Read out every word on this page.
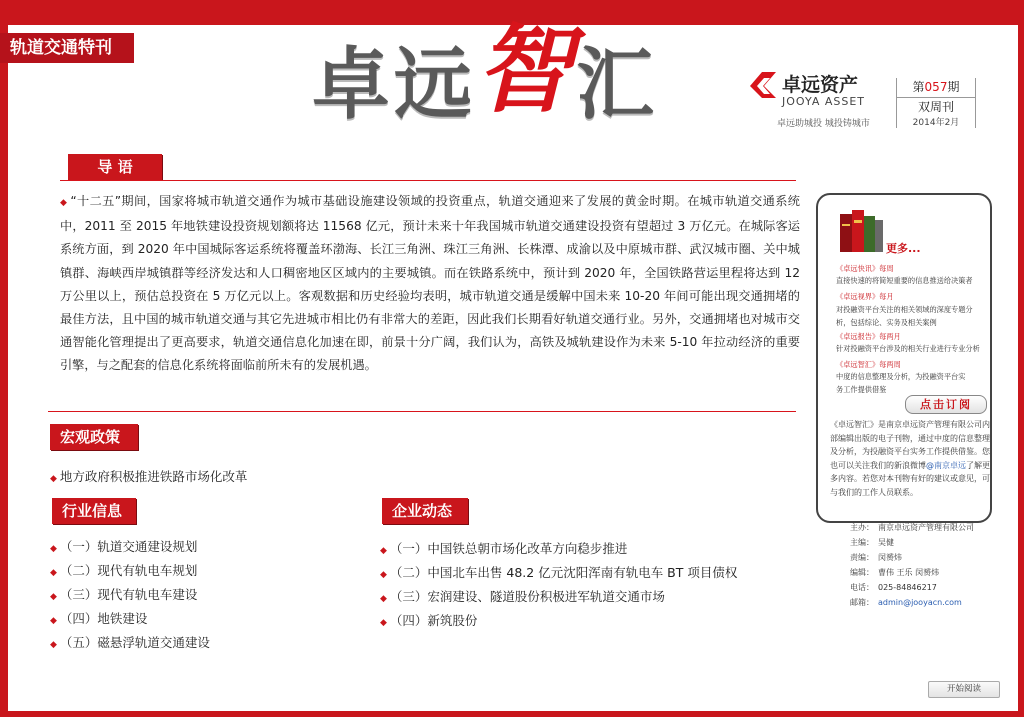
轨道交通特刊	卓远智汇	卓远资产
JOOYA ASSET
卓远助城投 城投铸城市
第057期
双周刊
2014年2月
导 语
◆ “十二五”期间，国家将城市轨道交通作为城市基础设施建设领域的投资重点，轨道交通迎来了发展的黄金时期。在城市轨道交通系统中，2011 至 2015 年地铁建设投资规划额将达 11568 亿元，预计未来十年我国城市轨道交通建设投资有望超过 3 万亿元。在城际客运系统方面，到 2020 年中国城际客运系统将覆盖环渤海、长江三角洲、珠江三角洲、长株潭、成渝以及中原城市群、武汉城市圈、关中城镇群、海峡西岸城镇群等经济发达和人口稠密地区区域内的主要城镇。而在铁路系统中，预计到 2020 年，全国铁路营运里程将达到 12 万公里以上，预估总投资在 5 万亿元以上。客观数据和历史经验均表明，城市轨道交通是缓解中国未来 10-20 年间可能出现交通拥堵的最佳方法，且中国的城市轨道交通与其它先进城市相比仍有非常大的差距，因此我们长期看好轨道交通行业。另外，交通拥堵也对城市交通智能化管理提出了更高要求，轨道交通信息化加速在即，前景十分广阔，我们认为，高铁及城轨建设作为未来 5-10 年拉动经济的重要引擎，与之配套的信息化系统将面临前所未有的发展机遇。
宏观政策
◆ 地方政府积极推进铁路市场化改革
行业信息
◆ （一）轨道交通建设规划
◆ （二）现代有轨电车规划
◆ （三）现代有轨电车建设
◆ （四）地铁建设
◆ （五）磁悬浮轨道交通建设
企业动态
◆ （一）中国铁总朝市场化改革方向稳步推进
◆ （二）中国北车出售 48.2 亿元沈阳浑南有轨电车 BT 项目债权
◆ （三）宏润建设、隧道股份积极进军轨道交通市场
◆ （四）新筑股份
更多...
《卓远快讯》每周
直接快速的将简短重要的信息推送给决策者
《卓远视界》每月
对投融资平台关注的相关领域的深度专题分
析，包括综论、实务及相关案例
《卓远报告》每两月
针对投融资平台涉及的相关行业进行专业分析
《卓远智汇》每两周
中度的信息整理及分析，为投融资平台实
务工作提供借鉴
点击订阅
《卓远智汇》是南京卓远资产管理有限公司内部编辑出版的电子刊物，通过中度的信息整理及分析，为投融资平台实务工作提供借鉴。您也可以关注我们的新浪微博@南京卓远了解更多内容。若您对本刊物有好的建议或意见，可与我们的工作人员联系。
主办： 南京卓远资产管理有限公司
主编： 吴健
责编： 闵赟炜
编辑： 曹伟 王乐 闵赟炜
电话： 025-84846217
邮箱： admin@jooyacn.com
开始阅读
